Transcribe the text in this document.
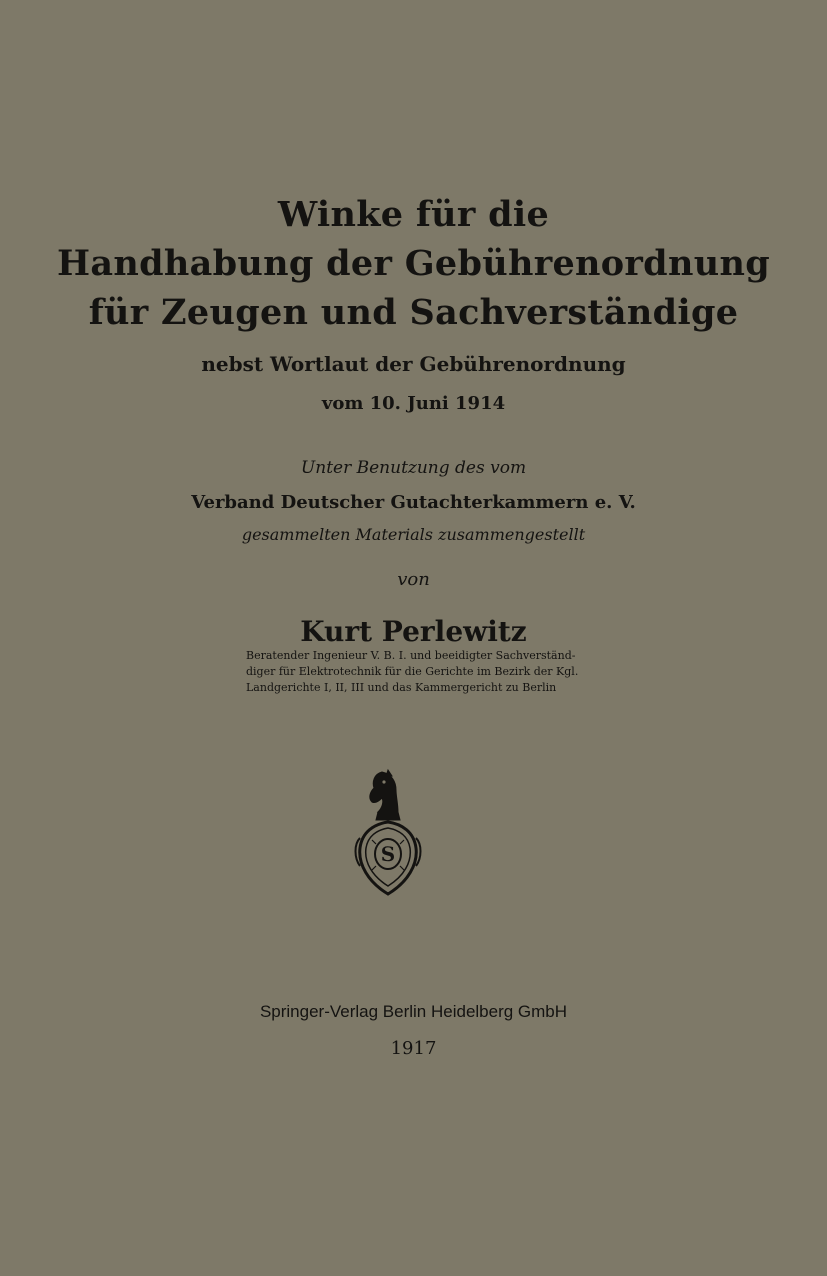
Winke für die
Handhabung der Gebührenordnung
für Zeugen und Sachverständige
nebst Wortlaut der Gebührenordnung
vom 10. Juni 1914
Unter Benutzung des vom
Verband Deutscher Gutachterkammern e. V.
gesammelten Materials zusammengestellt
von
Kurt Perlewitz
Beratender Ingenieur V. B. I. und beeidigter Sachverständ-
diger für Elektrotechnik für die Gerichte im Bezirk der Kgl.
Landgerichte I, II, III und das Kammergericht zu Berlin
S
Springer-Verlag Berlin Heidelberg GmbH
1917
